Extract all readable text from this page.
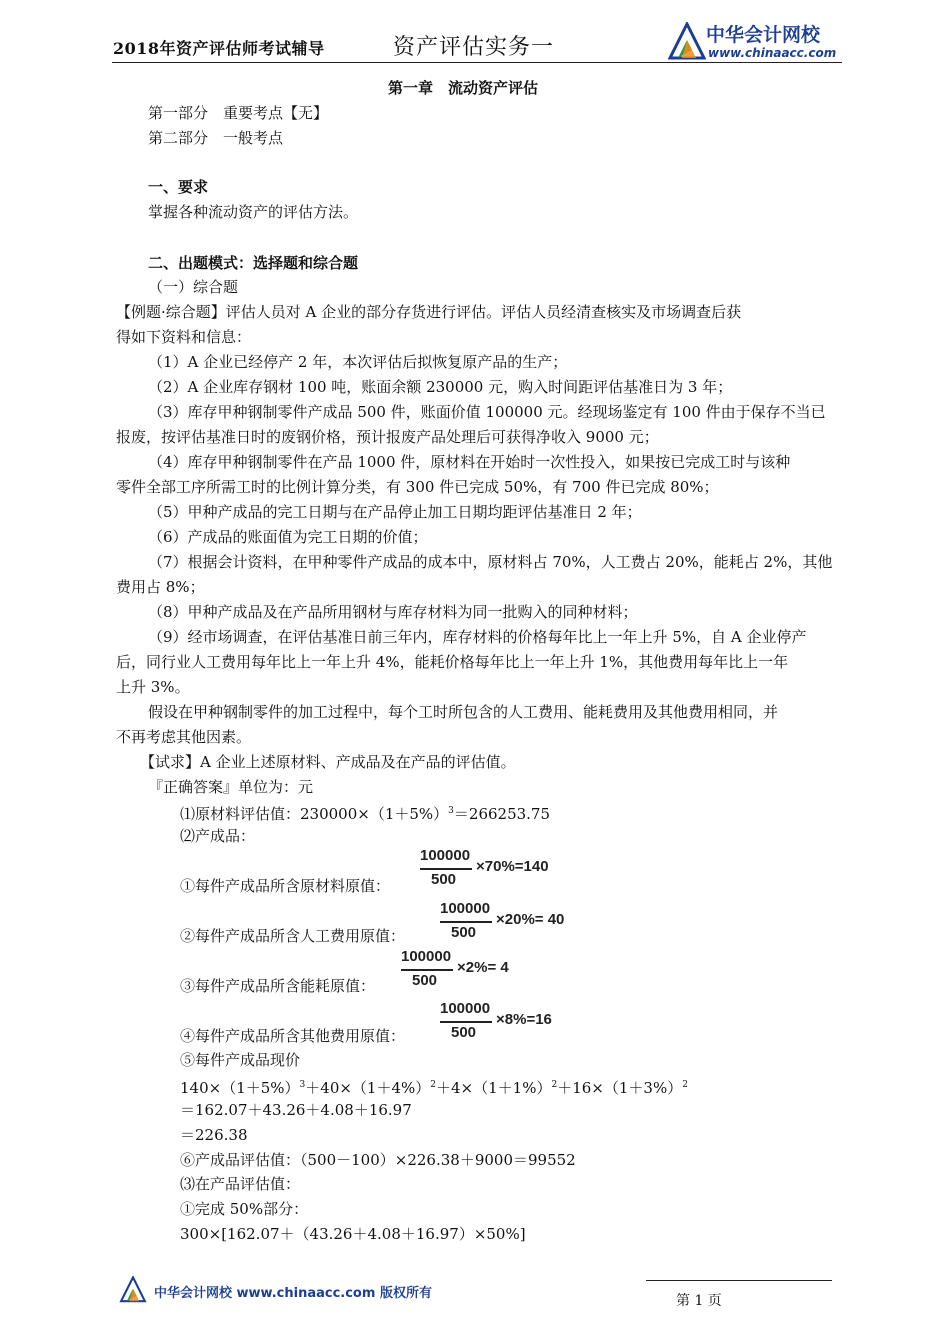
2018年资产评估师考试辅导	资产评估实务一	中华会计网校
www.chinaacc.com
第一章　流动资产评估
第一部分　重要考点【无】
第二部分　一般考点
一、要求
掌握各种流动资产的评估方法。
二、出题模式：选择题和综合题
（一）综合题
【例题·综合题】评估人员对 A 企业的部分存货进行评估。评估人员经清查核实及市场调查后获
得如下资料和信息：
（1）A 企业已经停产 2 年，本次评估后拟恢复原产品的生产；
（2）A 企业库存钢材 100 吨，账面余额 230000 元，购入时间距评估基准日为 3 年；
（3）库存甲种钢制零件产成品 500 件，账面价值 100000 元。经现场鉴定有 100 件由于保存不当已
报废，按评估基准日时的废钢价格，预计报废产品处理后可获得净收入 9000 元；
（4）库存甲种钢制零件在产品 1000 件，原材料在开始时一次性投入，如果按已完成工时与该种
零件全部工序所需工时的比例计算分类，有 300 件已完成 50%，有 700 件已完成 80%；
（5）甲种产成品的完工日期与在产品停止加工日期均距评估基准日 2 年；
（6）产成品的账面值为完工日期的价值；
（7）根据会计资料，在甲种零件产成品的成本中，原材料占 70%，人工费占 20%，能耗占 2%，其他
费用占 8%；
（8）甲种产成品及在产品所用钢材与库存材料为同一批购入的同种材料；
（9）经市场调查，在评估基准日前三年内，库存材料的价格每年比上一年上升 5%，自 A 企业停产
后，同行业人工费用每年比上一年上升 4%，能耗价格每年比上一年上升 1%，其他费用每年比上一年
上升 3%。
假设在甲种钢制零件的加工过程中，每个工时所包含的人工费用、能耗费用及其他费用相同，并
不再考虑其他因素。
【试求】A 企业上述原材料、产成品及在产品的评估值。
『正确答案』单位为：元
⑴原材料评估值：$230000\times(1+5\%)^3=266253.75$
⑵产成品：
①每件产成品所含原材料原值：
100000
500
×70%=140
②每件产成品所含人工费用原值：
100000
500
×20%= 40
③每件产成品所含能耗原值：
100000
500
×2%= 4
④每件产成品所含其他费用原值：
100000
500
×8%=16
⑤每件产成品现价
$140\times(1+5\%)^3+40\times(1+4\%)^2+4\times(1+1\%)^2+16\times(1+3\%)^2$
＝162.07＋43.26＋4.08＋16.97
＝226.38
⑥产成品评估值：（500－100）×226.38＋9000＝99552
⑶在产品评估值：
①完成 50%部分：
300×[162.07＋（43.26＋4.08＋16.97）×50%]
中华会计网校 www.chinaacc.com 版权所有	第 1 页
